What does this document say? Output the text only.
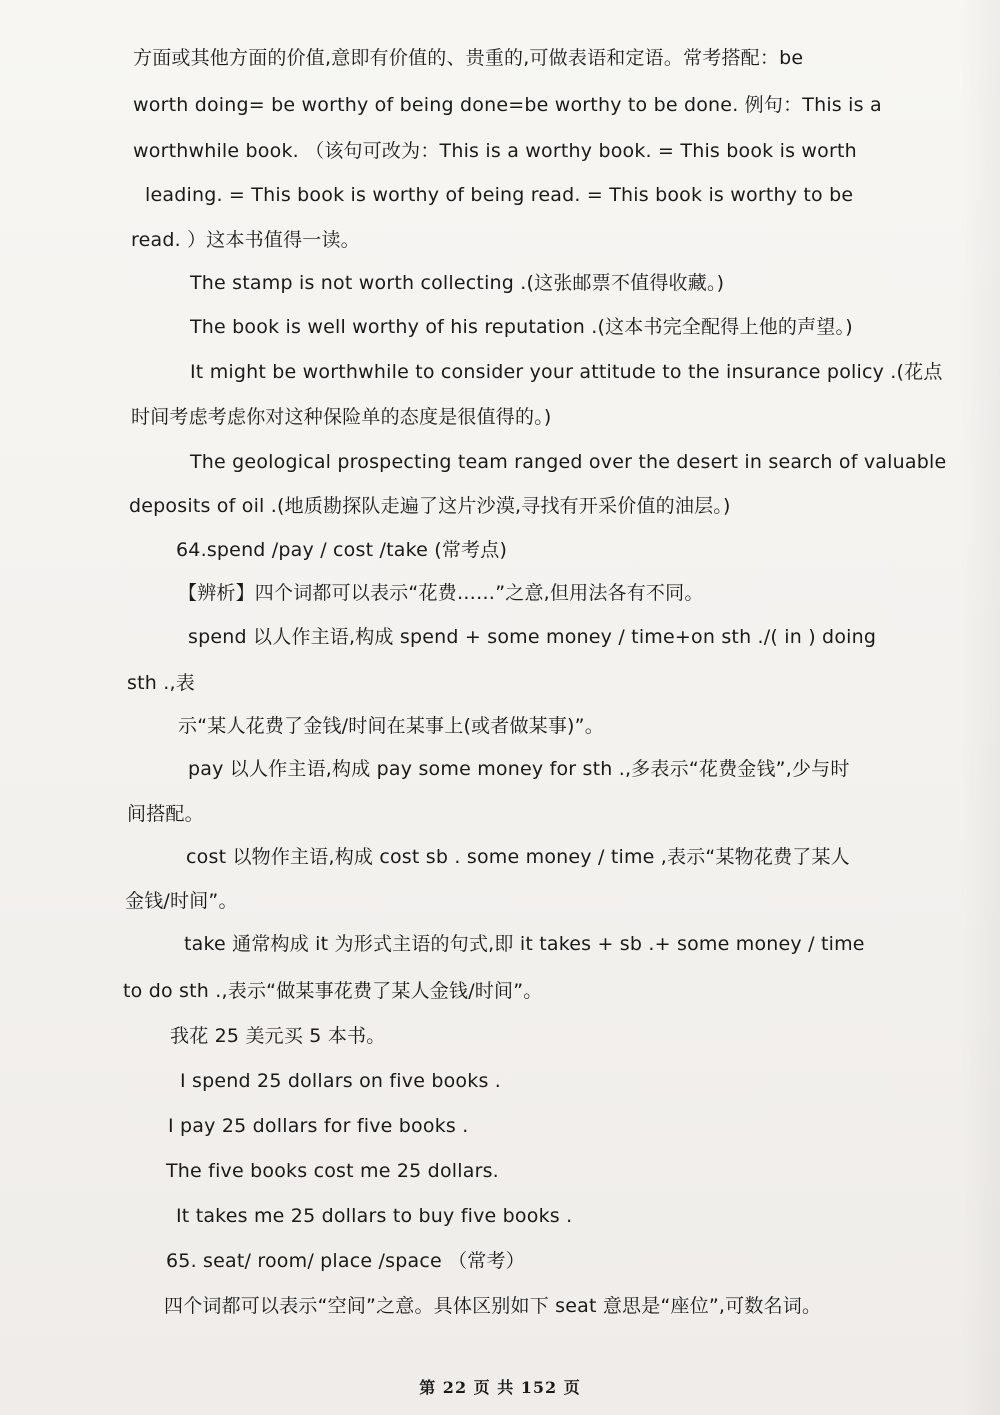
方面或其他方面的价值,意即有价值的、贵重的,可做表语和定语。常考搭配：be
worth doing= be worthy of being done=be worthy to be done. 例句：This is a
worthwhile book. （该句可改为：This is a worthy book. = This book is worth
leading. = This book is worthy of being read. = This book is worthy to be
read. ）这本书值得一读。
The stamp is not worth collecting .(这张邮票不值得收藏。)
The book is well worthy of his reputation .(这本书完全配得上他的声望。)
It might be worthwhile to consider your attitude to the insurance policy .(花点
时间考虑考虑你对这种保险单的态度是很值得的。)
The geological prospecting team ranged over the desert in search of valuable
deposits of oil .(地质勘探队走遍了这片沙漠,寻找有开采价值的油层。)
64.spend /pay / cost /take (常考点)
【辨析】四个词都可以表示“花费……”之意,但用法各有不同。
spend 以人作主语,构成 spend + some money / time+on sth ./( in ) doing
sth .,表
示“某人花费了金钱/时间在某事上(或者做某事)”。
pay 以人作主语,构成 pay some money for sth .,多表示“花费金钱”,少与时
间搭配。
cost 以物作主语,构成 cost sb . some money / time ,表示“某物花费了某人
金钱/时间”。
take 通常构成 it 为形式主语的句式,即 it takes + sb .+ some money / time
to do sth .,表示“做某事花费了某人金钱/时间”。
我花 25 美元买 5 本书。
I spend 25 dollars on five books .
I pay 25 dollars for five books .
The five books cost me 25 dollars.
It takes me 25 dollars to buy five books .
65. seat/ room/ place /space （常考）
四个词都可以表示“空间”之意。具体区别如下 seat 意思是“座位”,可数名词。
第 22 页 共 152 页
